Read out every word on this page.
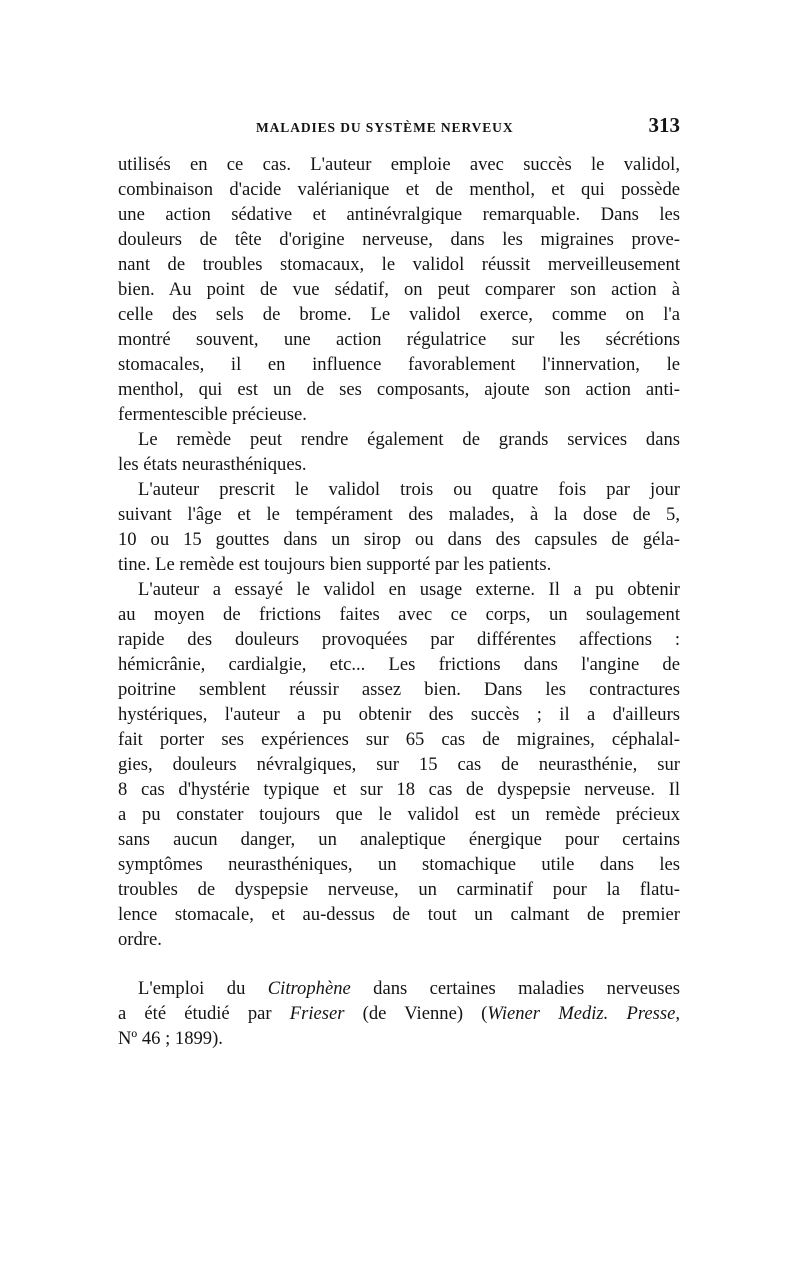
MALADIES DU SYSTÈME NERVEUX	313
utilisés en ce cas. L'auteur emploie avec succès le validol,
combinaison d'acide valérianique et de menthol, et qui possède
une action sédative et antinévralgique remarquable. Dans les
douleurs de tête d'origine nerveuse, dans les migraines prove-
nant de troubles stomacaux, le validol réussit merveilleusement
bien. Au point de vue sédatif, on peut comparer son action à
celle des sels de brome. Le validol exerce, comme on l'a
montré souvent, une action régulatrice sur les sécrétions
stomacales, il en influence favorablement l'innervation, le
menthol, qui est un de ses composants, ajoute son action anti-
fermentescible précieuse.
Le remède peut rendre également de grands services dans
les états neurasthéniques.
L'auteur prescrit le validol trois ou quatre fois par jour
suivant l'âge et le tempérament des malades, à la dose de 5,
10 ou 15 gouttes dans un sirop ou dans des capsules de géla-
tine. Le remède est toujours bien supporté par les patients.
L'auteur a essayé le validol en usage externe. Il a pu obtenir
au moyen de frictions faites avec ce corps, un soulagement
rapide des douleurs provoquées par différentes affections :
hémicrânie, cardialgie, etc... Les frictions dans l'angine de
poitrine semblent réussir assez bien. Dans les contractures
hystériques, l'auteur a pu obtenir des succès ; il a d'ailleurs
fait porter ses expériences sur 65 cas de migraines, céphalal-
gies, douleurs névralgiques, sur 15 cas de neurasthénie, sur
8 cas d'hystérie typique et sur 18 cas de dyspepsie nerveuse. Il
a pu constater toujours que le validol est un remède précieux
sans aucun danger, un analeptique énergique pour certains
symptômes neurasthéniques, un stomachique utile dans les
troubles de dyspepsie nerveuse, un carminatif pour la flatu-
lence stomacale, et au-dessus de tout un calmant de premier
ordre.
L'emploi du Citrophène dans certaines maladies nerveuses
a été étudié par Frieser (de Vienne) (Wiener Mediz. Presse,
Nº 46 ; 1899).
